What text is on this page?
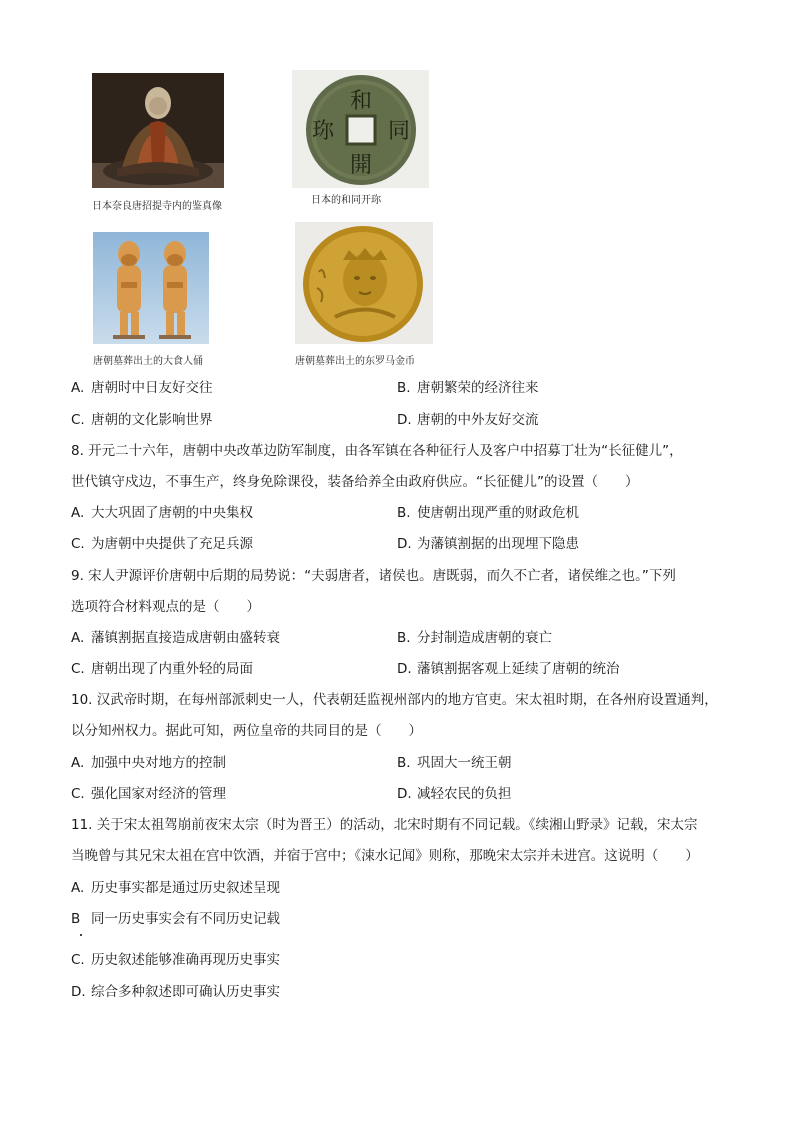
日本奈良唐招提寺内的鉴真像
和
同
開
珎
日本的和同开珎
唐朝墓葬出土的大食人俑	唐朝墓葬出土的东罗马金币
A. 唐朝时中日友好交往	B. 唐朝繁荣的经济往来
C. 唐朝的文化影响世界	D. 唐朝的中外友好交流
8. 开元二十六年，唐朝中央改革边防军制度，由各军镇在各种征行人及客户中招募丁壮为“长征健儿”，
世代镇守戍边，不事生产，终身免除课役，装备给养全由政府供应。“长征健儿”的设置（　　）
A. 大大巩固了唐朝的中央集权	B. 使唐朝出现严重的财政危机
C. 为唐朝中央提供了充足兵源	D. 为藩镇割据的出现埋下隐患
9. 宋人尹源评价唐朝中后期的局势说：“夫弱唐者，诸侯也。唐既弱，而久不亡者，诸侯维之也。”下列
选项符合材料观点的是（　　）
A. 藩镇割据直接造成唐朝由盛转衰	B. 分封制造成唐朝的衰亡
C. 唐朝出现了内重外轻的局面	D. 藩镇割据客观上延续了唐朝的统治
10. 汉武帝时期，在每州部派刺史一人，代表朝廷监视州部内的地方官吏。宋太祖时期，在各州府设置通判，
以分知州权力。据此可知，两位皇帝的共同目的是（　　）
A. 加强中央对地方的控制	B. 巩固大一统王朝
C. 强化国家对经济的管理	D. 减轻农民的负担
11. 关于宋太祖驾崩前夜宋太宗（时为晋王）的活动，北宋时期有不同记载。《续湘山野录》记载，宋太宗
当晚曾与其兄宋太祖在宫中饮酒，并宿于宫中；《涑水记闻》则称，那晚宋太宗并未进宫。这说明（　　）
A. 历史事实都是通过历史叙述呈现
B 同一历史事实会有不同历史记载
C. 历史叙述能够准确再现历史事实
D. 综合多种叙述即可确认历史事实
